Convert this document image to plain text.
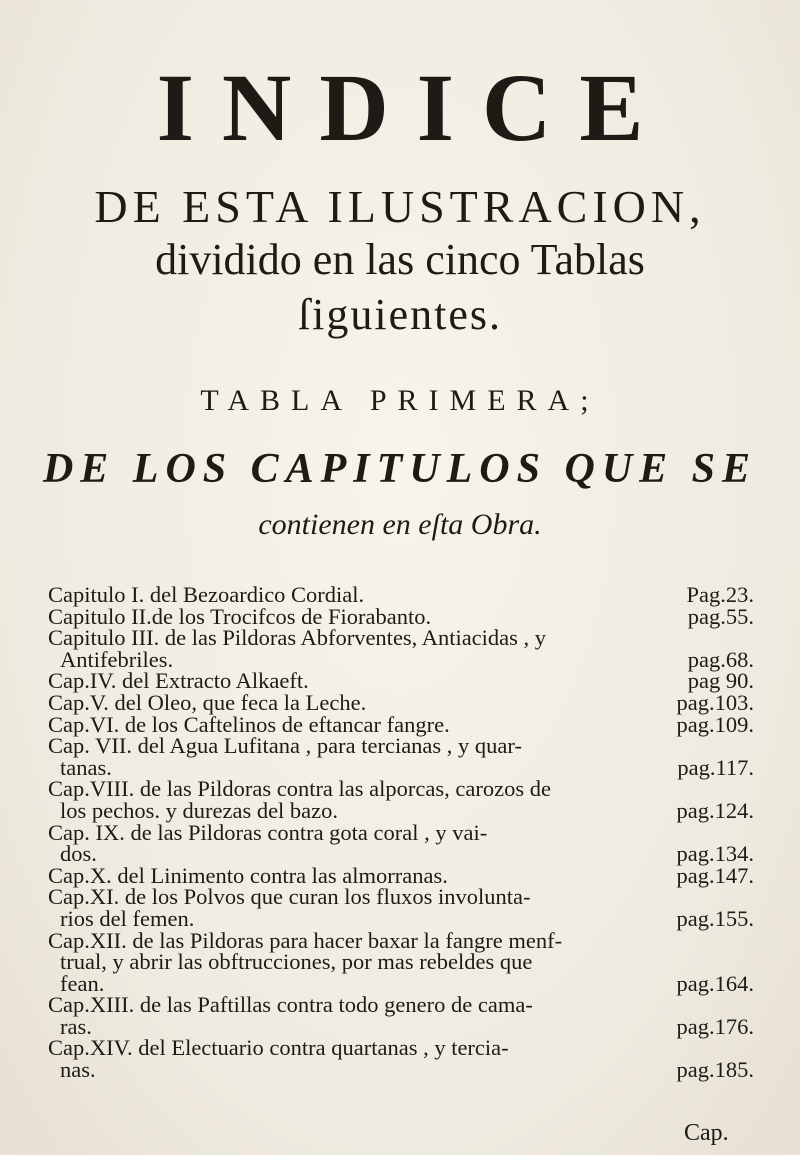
INDICE
DE ESTA ILUSTRACION,
dividido en las cinco Tablas
ſiguientes.
TABLA PRIMERA;
DE LOS CAPITULOS QUE SE
contienen en eſta Obra.
Capitulo I. del Bezoardico Cordial.	Pag.23.
Capitulo II.de los Trocifcos de Fiorabanto.	pag.55.
Capitulo III. de las Pildoras Abforventes, Antiacidas , y
Antifebriles.	pag.68.
Cap.IV. del Extracto Alkaeft.	pag 90.
Cap.V. del Oleo, que feca la Leche.	pag.103.
Cap.VI. de los Caftelinos de eftancar fangre.	pag.109.
Cap. VII. del Agua Lufitana , para tercianas , y quar-
tanas.	pag.117.
Cap.VIII. de las Pildoras contra las alporcas, carozos de
los pechos. y durezas del bazo.	pag.124.
Cap. IX. de las Pildoras contra gota coral , y vai-
dos.	pag.134.
Cap.X. del Linimento contra las almorranas.	pag.147.
Cap.XI. de los Polvos que curan los fluxos involunta-
rios del femen.	pag.155.
Cap.XII. de las Pildoras para hacer baxar la fangre menf-
trual, y abrir las obftrucciones, por mas rebeldes que
fean.	pag.164.
Cap.XIII. de las Paftillas contra todo genero de cama-
ras.	pag.176.
Cap.XIV. del Electuario contra quartanas , y tercia-
nas.	pag.185.
Cap.
